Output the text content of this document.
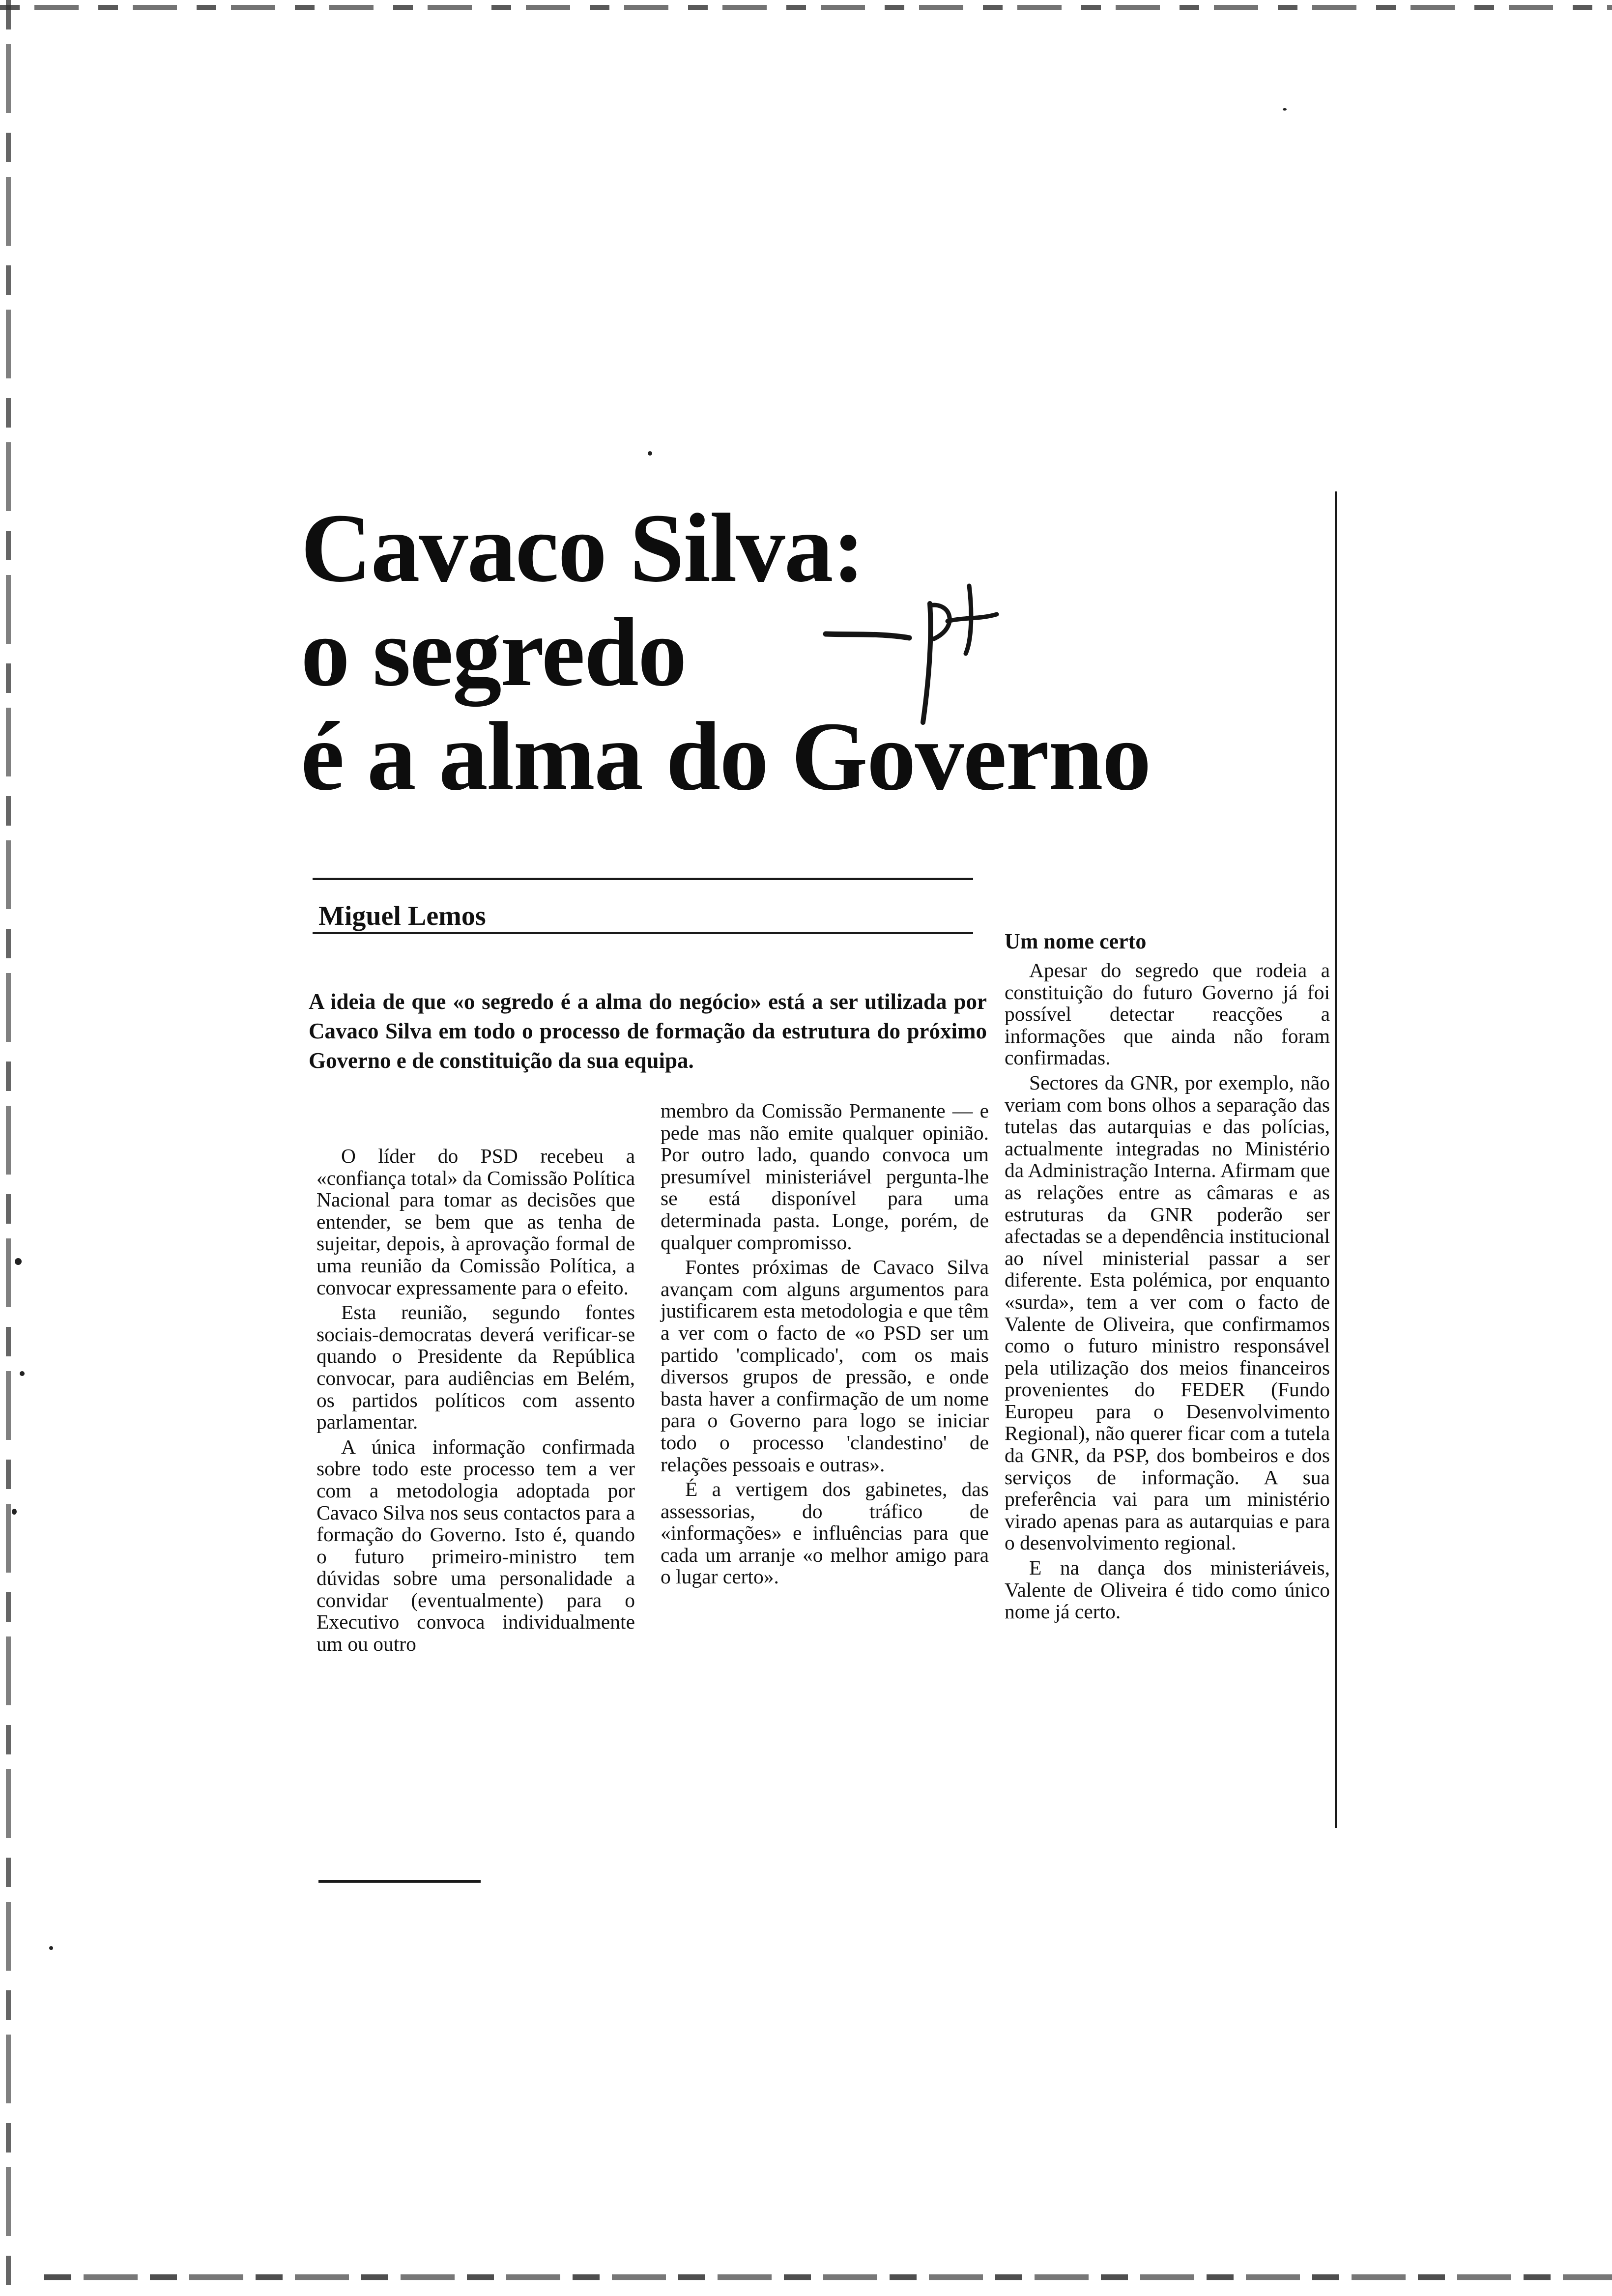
Cavaco Silva:
o segredo
é a alma do Governo
Miguel Lemos
A ideia de que «o segredo é a alma do negócio» está a ser utilizada por Cavaco Silva em todo o processo de formação da estrutura do próximo Governo e de constituição da sua equipa.

O líder do PSD recebeu a «confiança total» da Comissão Política Nacional para tomar as decisões que entender, se bem que as tenha de sujeitar, depois, à aprovação formal de uma reunião da Comissão Política, a convocar expressamente para o efeito.

Esta reunião, segundo fontes sociais-democratas deverá verificar-se quando o Presidente da República convocar, para audiências em Belém, os partidos políticos com assento parlamentar.

A única informação confirmada sobre todo este processo tem a ver com a metodologia adoptada por Cavaco Silva nos seus contactos para a formação do Governo. Isto é, quando o futuro primeiro-ministro tem dúvidas sobre uma personalidade a convidar (eventualmente) para o Executivo convoca individualmente um ou outro

membro da Comissão Permanente — e pede mas não emite qualquer opinião. Por outro lado, quando convoca um presumível ministeriável pergunta-lhe se está disponível para uma determinada pasta. Longe, porém, de qualquer compromisso.

Fontes próximas de Cavaco Silva avançam com alguns argumentos para justificarem esta metodologia e que têm a ver com o facto de «o PSD ser um partido 'complicado', com os mais diversos grupos de pressão, e onde basta haver a confirmação de um nome para o Governo para logo se iniciar todo o processo 'clandestino' de relações pessoais e outras».

É a vertigem dos gabinetes, das assessorias, do tráfico de «informações» e influências para que cada um arranje «o melhor amigo para o lugar certo».

Um nome certo

Apesar do segredo que rodeia a constituição do futuro Governo já foi possível detectar reacções a informações que ainda não foram confirmadas.

Sectores da GNR, por exemplo, não veriam com bons olhos a separação das tutelas das autarquias e das polícias, actualmente integradas no Ministério da Administração Interna. Afirmam que as relações entre as câmaras e as estruturas da GNR poderão ser afectadas se a dependência institucional ao nível ministerial passar a ser diferente. Esta polémica, por enquanto «surda», tem a ver com o facto de Valente de Oliveira, que confirmamos como o futuro ministro responsável pela utilização dos meios financeiros provenientes do FEDER (Fundo Europeu para o Desenvolvimento Regional), não querer ficar com a tutela da GNR, da PSP, dos bombeiros e dos serviços de informação. A sua preferência vai para um ministério virado apenas para as autarquias e para o desenvolvimento regional.

E na dança dos ministeriáveis, Valente de Oliveira é tido como único nome já certo.
